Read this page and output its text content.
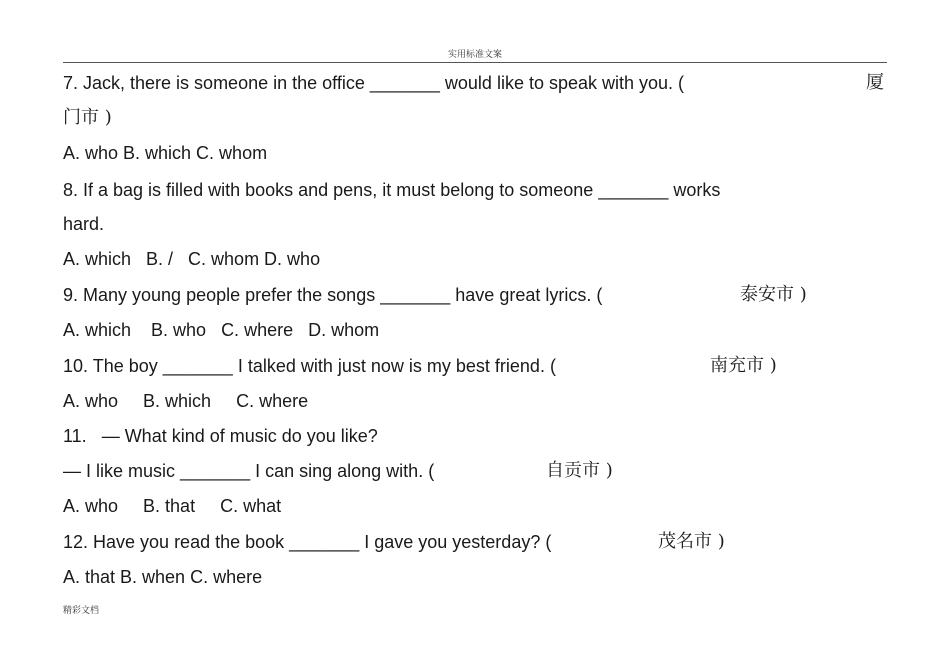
实用标准文案
7. Jack, there is someone in the office _______ would like to speak with you. (	厦
门市 )
A. who B. which C. whom
8. If a bag is filled with books and pens, it must belong to someone _______ works
hard.
A. which   B. /   C. whom D. who
9. Many young people prefer the songs _______ have great lyrics. (	泰安市 )
A. which    B. who   C. where   D. whom
10. The boy _______ I talked with just now is my best friend. (	南充市 )
A. who     B. which     C. where
11.   — What kind of music do you like?
— I like music _______ I can sing along with. (	自贡市 )
A. who     B. that     C. what
12. Have you read the book _______ I gave you yesterday? (	茂名市 )
A. that B. when C. where
精彩文档
